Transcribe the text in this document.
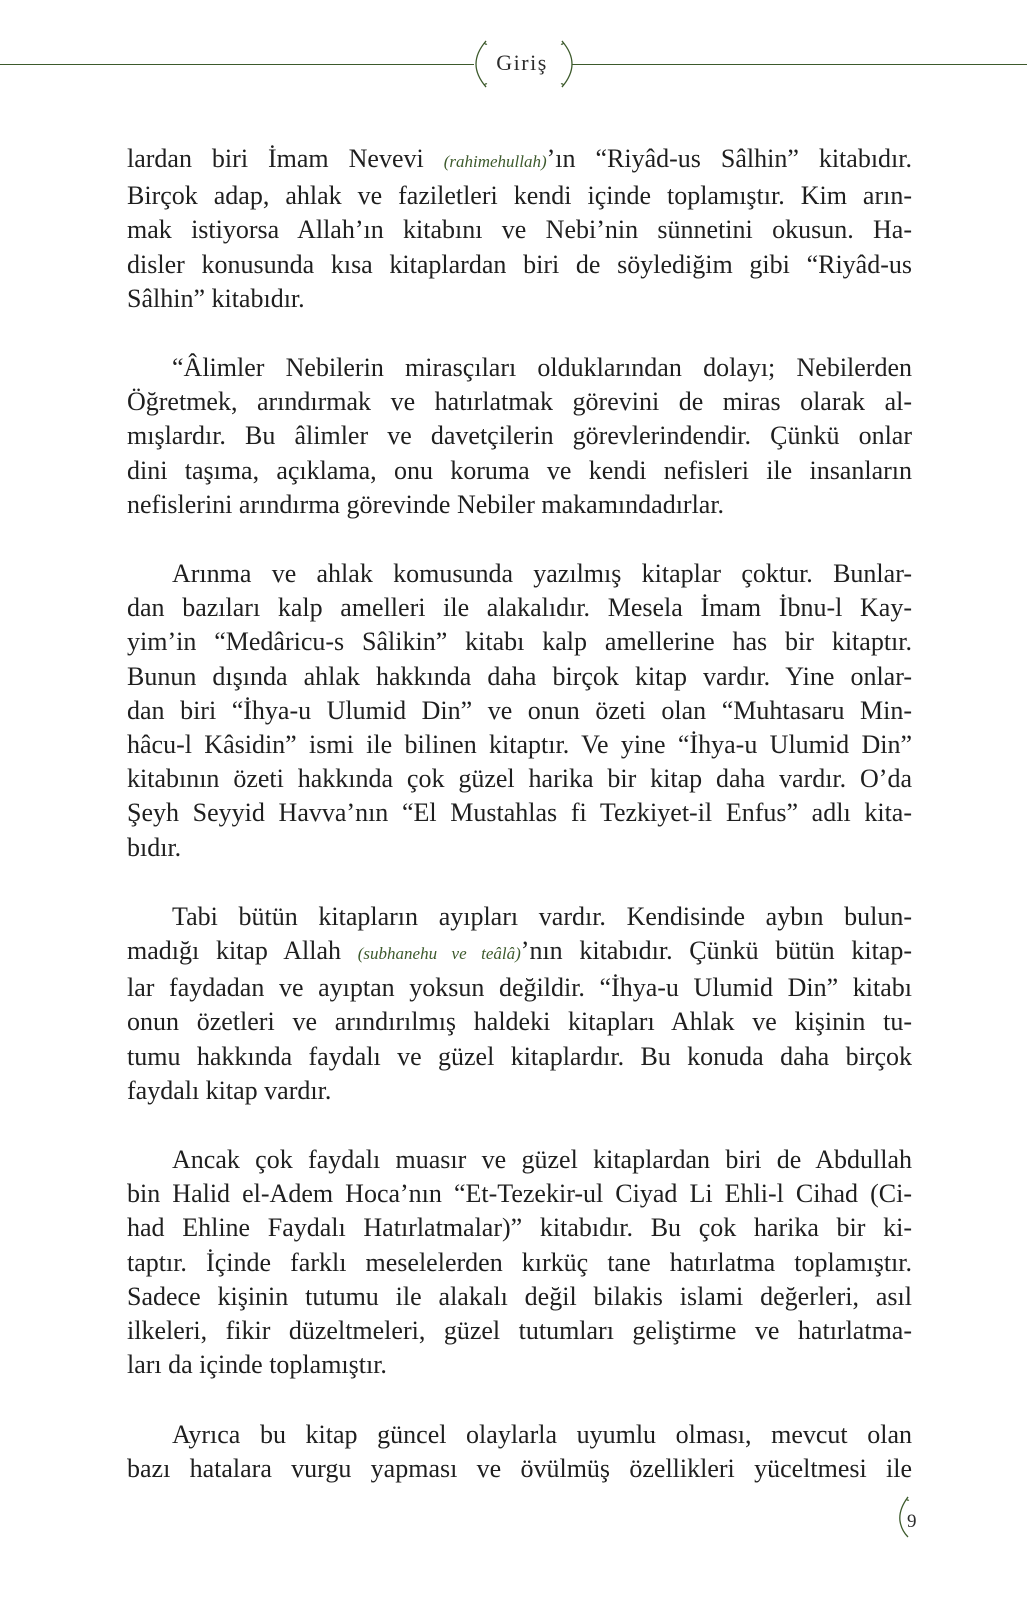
Giriş
lardan biri İmam Nevevi (rahimehullah)’ın “Riyâd-us Sâlhin” kitabıdır.
Birçok adap, ahlak ve faziletleri kendi içinde toplamıştır. Kim arın-
mak istiyorsa Allah’ın kitabını ve Nebi’nin sünnetini okusun. Ha-
disler konusunda kısa kitaplardan biri de söylediğim gibi “Riyâd-us
Sâlhin” kitabıdır.
“Âlimler Nebilerin mirasçıları olduklarından dolayı; Nebilerden
Öğretmek, arındırmak ve hatırlatmak görevini de miras olarak al-
mışlardır. Bu âlimler ve davetçilerin görevlerindendir. Çünkü onlar
dini taşıma, açıklama, onu koruma ve kendi nefisleri ile insanların
nefislerini arındırma görevinde Nebiler makamındadırlar.
Arınma ve ahlak komusunda yazılmış kitaplar çoktur. Bunlar-
dan bazıları kalp amelleri ile alakalıdır. Mesela İmam İbnu-l Kay-
yim’in “Medâricu-s Sâlikin” kitabı kalp amellerine has bir kitaptır.
Bunun dışında ahlak hakkında daha birçok kitap vardır. Yine onlar-
dan biri “İhya-u Ulumid Din” ve onun özeti olan “Muhtasaru Min-
hâcu-l Kâsidin” ismi ile bilinen kitaptır. Ve yine “İhya-u Ulumid Din”
kitabının özeti hakkında çok güzel harika bir kitap daha vardır. O’da
Şeyh Seyyid Havva’nın “El Mustahlas fi Tezkiyet-il Enfus” adlı kita-
bıdır.
Tabi bütün kitapların ayıpları vardır. Kendisinde aybın bulun-
madığı kitap Allah (subhanehu ve teâlâ)’nın kitabıdır. Çünkü bütün kitap-
lar faydadan ve ayıptan yoksun değildir. “İhya-u Ulumid Din” kitabı
onun özetleri ve arındırılmış haldeki kitapları Ahlak ve kişinin tu-
tumu hakkında faydalı ve güzel kitaplardır. Bu konuda daha birçok
faydalı kitap vardır.
Ancak çok faydalı muasır ve güzel kitaplardan biri de Abdullah
bin Halid el-Adem Hoca’nın “Et-Tezekir-ul Ciyad Li Ehli-l Cihad (Ci-
had Ehline Faydalı Hatırlatmalar)” kitabıdır. Bu çok harika bir ki-
taptır. İçinde farklı meselelerden kırküç tane hatırlatma toplamıştır.
Sadece kişinin tutumu ile alakalı değil bilakis islami değerleri, asıl
ilkeleri, fikir düzeltmeleri, güzel tutumları geliştirme ve hatırlatma-
ları da içinde toplamıştır.
Ayrıca bu kitap güncel olaylarla uyumlu olması, mevcut olan
bazı hatalara vurgu yapması ve övülmüş özellikleri yüceltmesi ile
9
